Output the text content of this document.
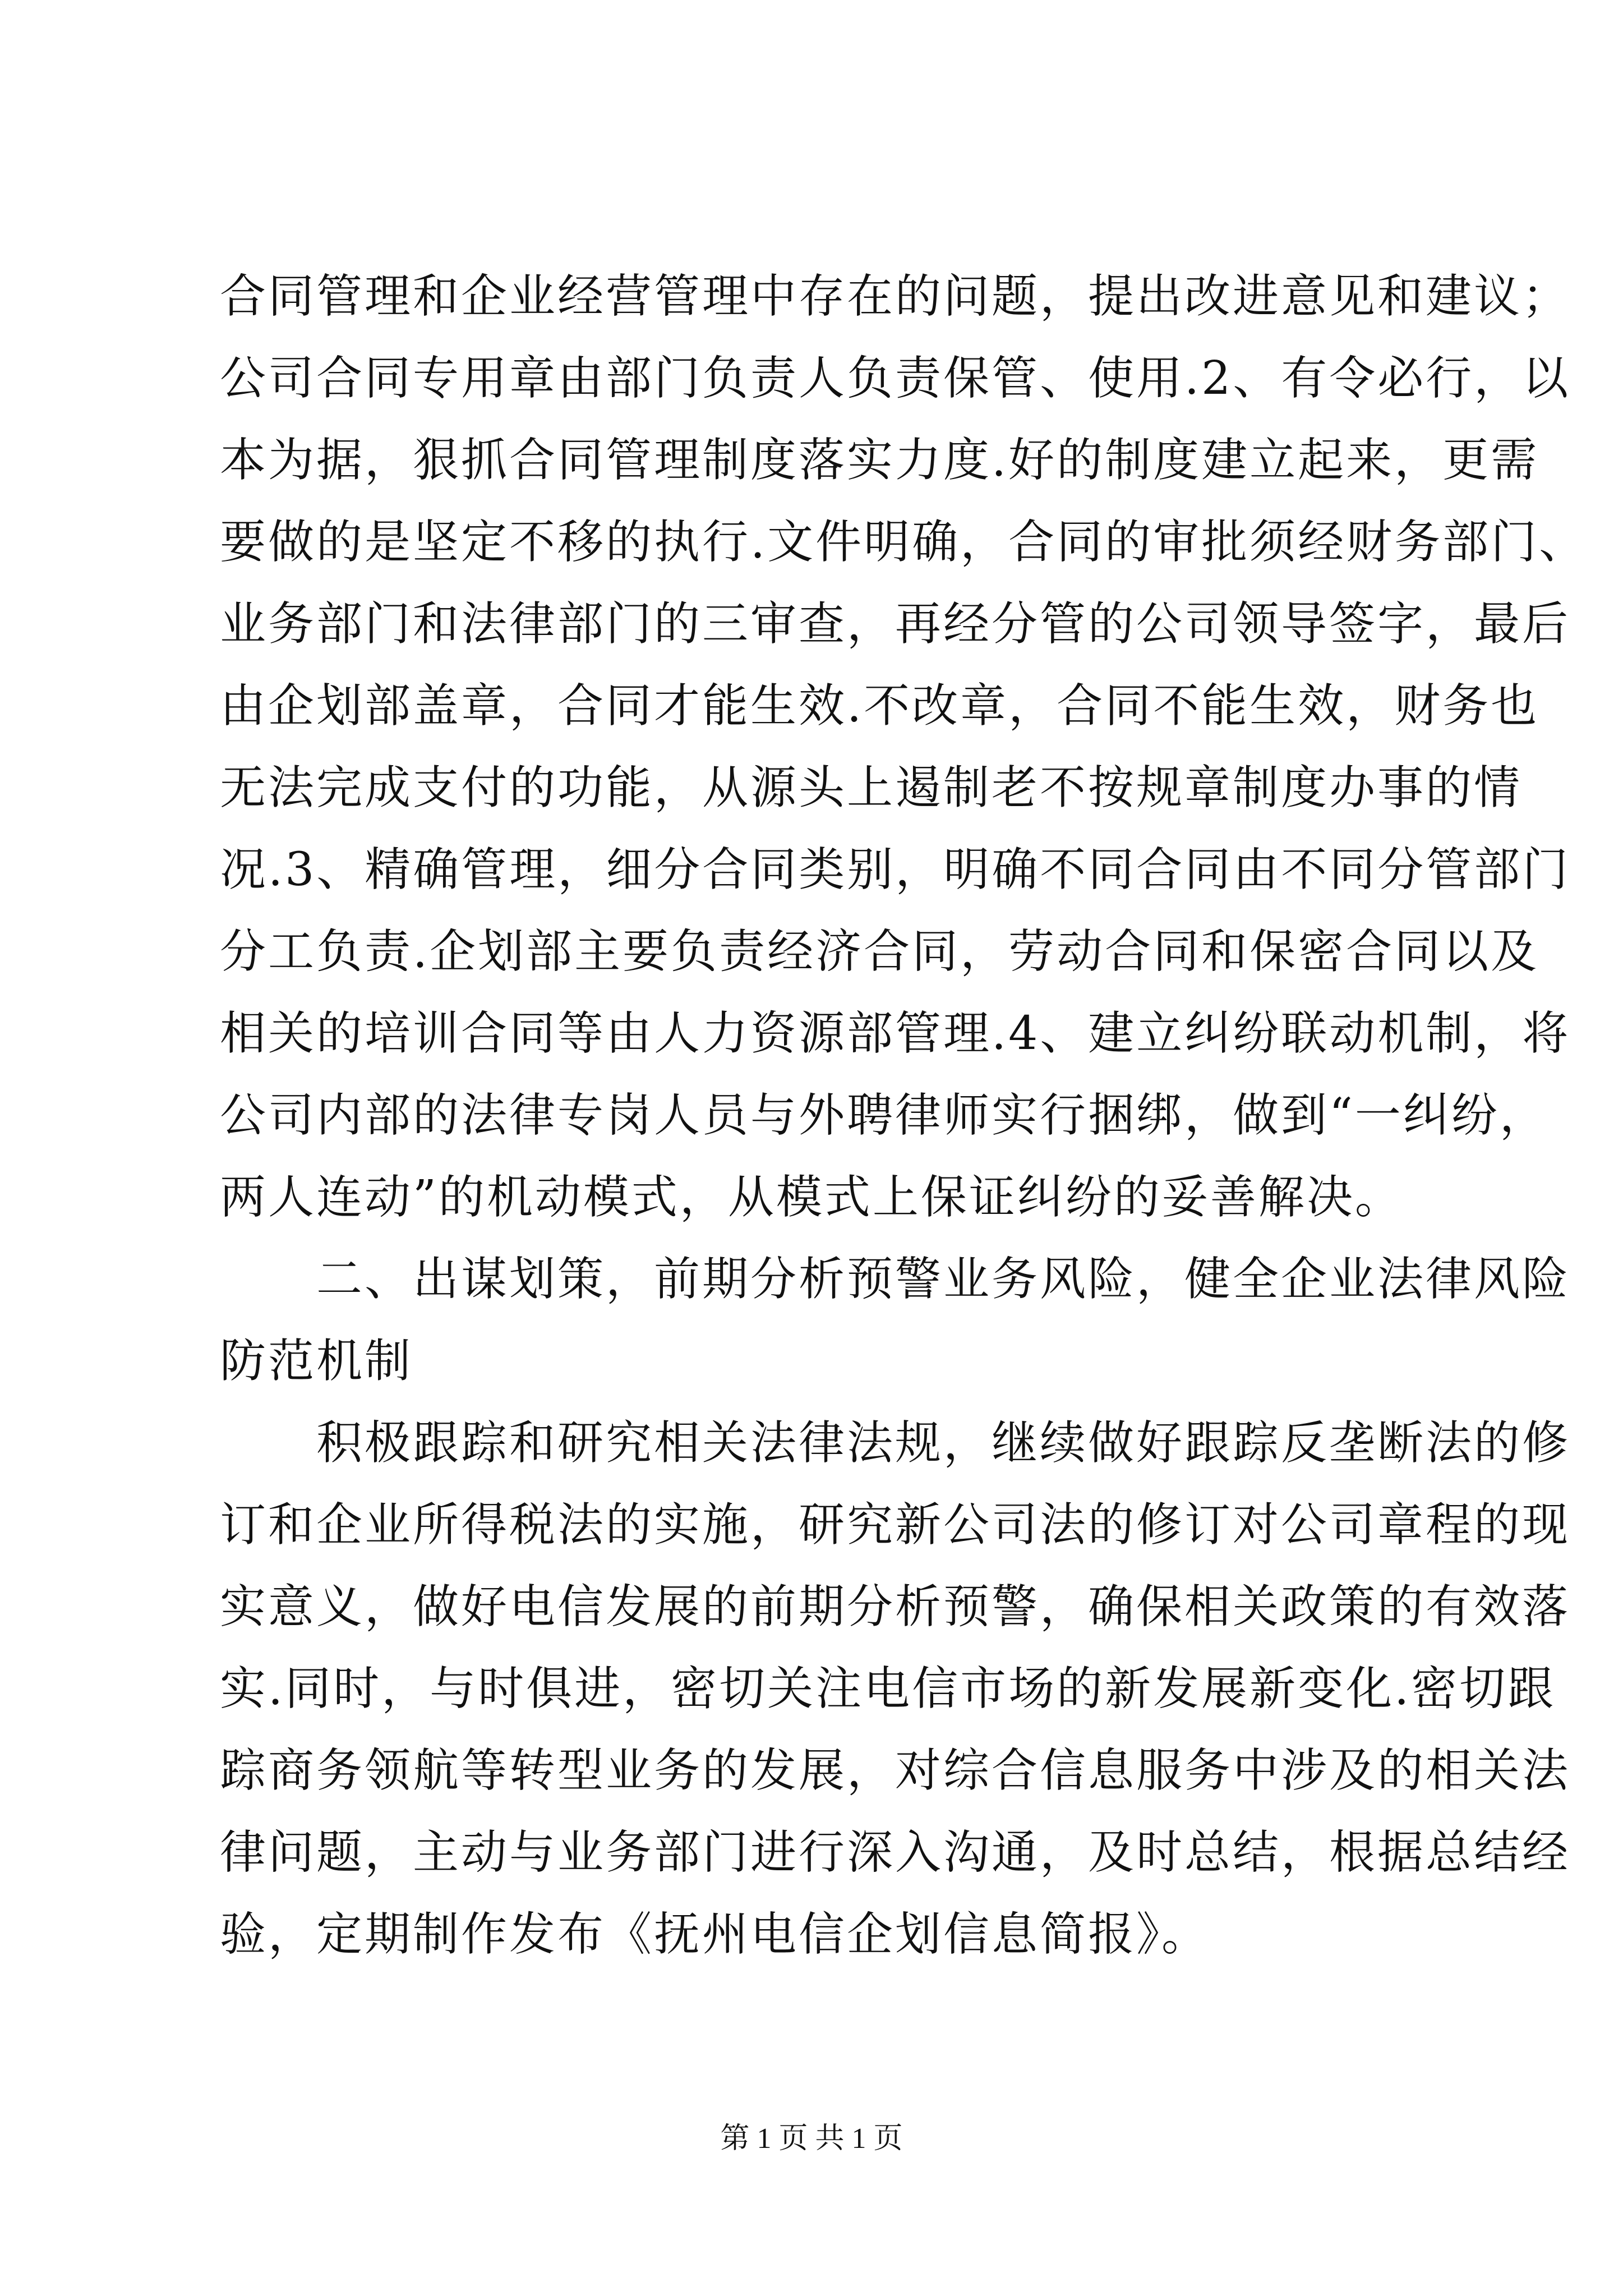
合同管理和企业经营管理中存在的问题，提出改进意见和建议；
公司合同专用章由部门负责人负责保管、使用.2、有令必行，以
本为据，狠抓合同管理制度落实力度.好的制度建立起来，更需
要做的是坚定不移的执行.文件明确，合同的审批须经财务部门、
业务部门和法律部门的三审查，再经分管的公司领导签字，最后
由企划部盖章，合同才能生效.不改章，合同不能生效，财务也
无法完成支付的功能，从源头上遏制老不按规章制度办事的情
况.3、精确管理，细分合同类别，明确不同合同由不同分管部门
分工负责.企划部主要负责经济合同，劳动合同和保密合同以及
相关的培训合同等由人力资源部管理.4、建立纠纷联动机制，将
公司内部的法律专岗人员与外聘律师实行捆绑，做到“一纠纷，
两人连动”的机动模式，从模式上保证纠纷的妥善解决。
二、出谋划策，前期分析预警业务风险，健全企业法律风险
防范机制
积极跟踪和研究相关法律法规，继续做好跟踪反垄断法的修
订和企业所得税法的实施，研究新公司法的修订对公司章程的现
实意义，做好电信发展的前期分析预警，确保相关政策的有效落
实.同时，与时俱进，密切关注电信市场的新发展新变化.密切跟
踪商务领航等转型业务的发展，对综合信息服务中涉及的相关法
律问题，主动与业务部门进行深入沟通，及时总结，根据总结经
验，定期制作发布《抚州电信企划信息简报》。
第 1 页 共 1 页
